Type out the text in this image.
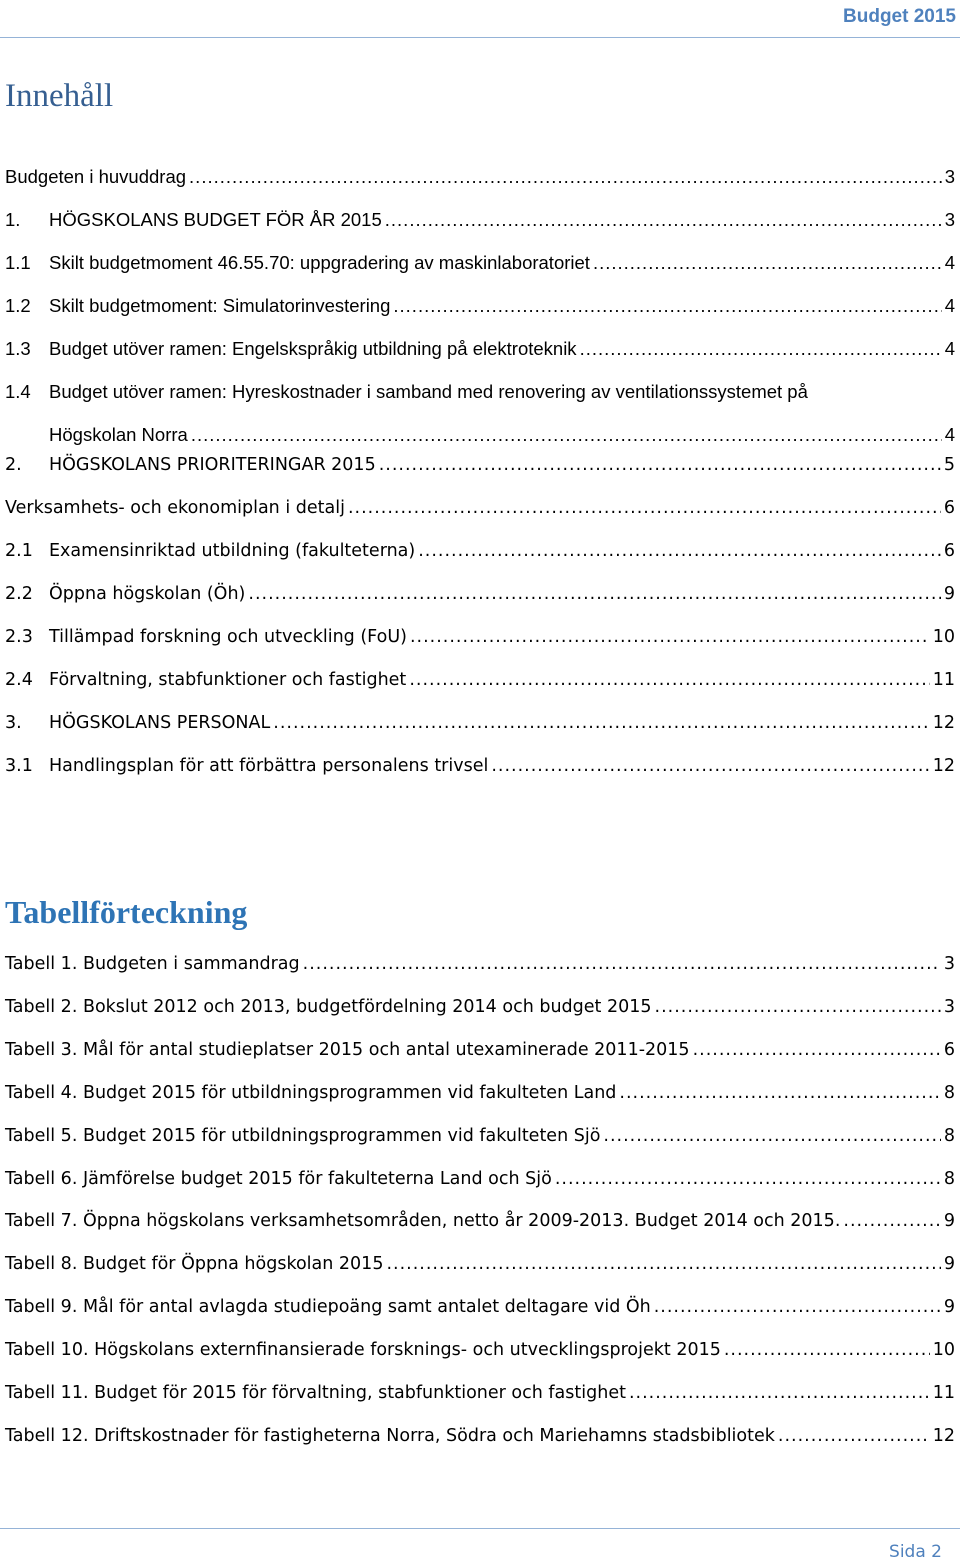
Budget 2015
Innehåll
Budgeten i huvuddrag .....	3
1.	HÖGSKOLANS BUDGET FÖR ÅR 2015 .....	3
1.1 Skilt budgetmoment 46.55.70: uppgradering av maskinlaboratoriet .....	4
1.2 Skilt budgetmoment: Simulatorinvestering .....	4
1.3 Budget utöver ramen: Engelskspråkig utbildning på elektroteknik .....	4
1.4 Budget utöver ramen: Hyreskostnader i samband med renovering av ventilationssystemet på
Högskolan Norra .....	4
2.	HÖGSKOLANS PRIORITERINGAR 2015 .....	5
Verksamhets- och ekonomiplan i detalj .....	6
2.1 Examensinriktad utbildning (fakulteterna) .....	6
2.2 Öppna högskolan (Öh) .....	9
2.3 Tillämpad forskning och utveckling (FoU) .....	10
2.4 Förvaltning, stabfunktioner och fastighet .....	11
3.	HÖGSKOLANS PERSONAL .....	12
3.1 Handlingsplan för att förbättra personalens trivsel .....	12
Tabellförteckning
Tabell 1. Budgeten i sammandrag .....	3
Tabell 2. Bokslut 2012 och 2013, budgetfördelning 2014 och budget 2015 .....	3
Tabell 3. Mål för antal studieplatser 2015 och antal utexaminerade 2011-2015 .....	6
Tabell 4. Budget 2015 för utbildningsprogrammen vid fakulteten Land .....	8
Tabell 5. Budget 2015 för utbildningsprogrammen vid fakulteten Sjö .....	8
Tabell 6. Jämförelse budget 2015 för fakulteterna Land och Sjö .....	8
Tabell 7. Öppna högskolans verksamhetsområden, netto år 2009-2013. Budget 2014 och 2015. .....	9
Tabell 8. Budget för Öppna högskolan 2015 .....	9
Tabell 9. Mål för antal avlagda studiepoäng samt antalet deltagare vid Öh .....	9
Tabell 10. Högskolans externfinansierade forsknings- och utvecklingsprojekt 2015 .....	10
Tabell 11. Budget för 2015 för förvaltning, stabfunktioner och fastighet .....	11
Tabell 12. Driftskostnader för fastigheterna Norra, Södra och Mariehamns stadsbibliotek .....	12
Sida 2
